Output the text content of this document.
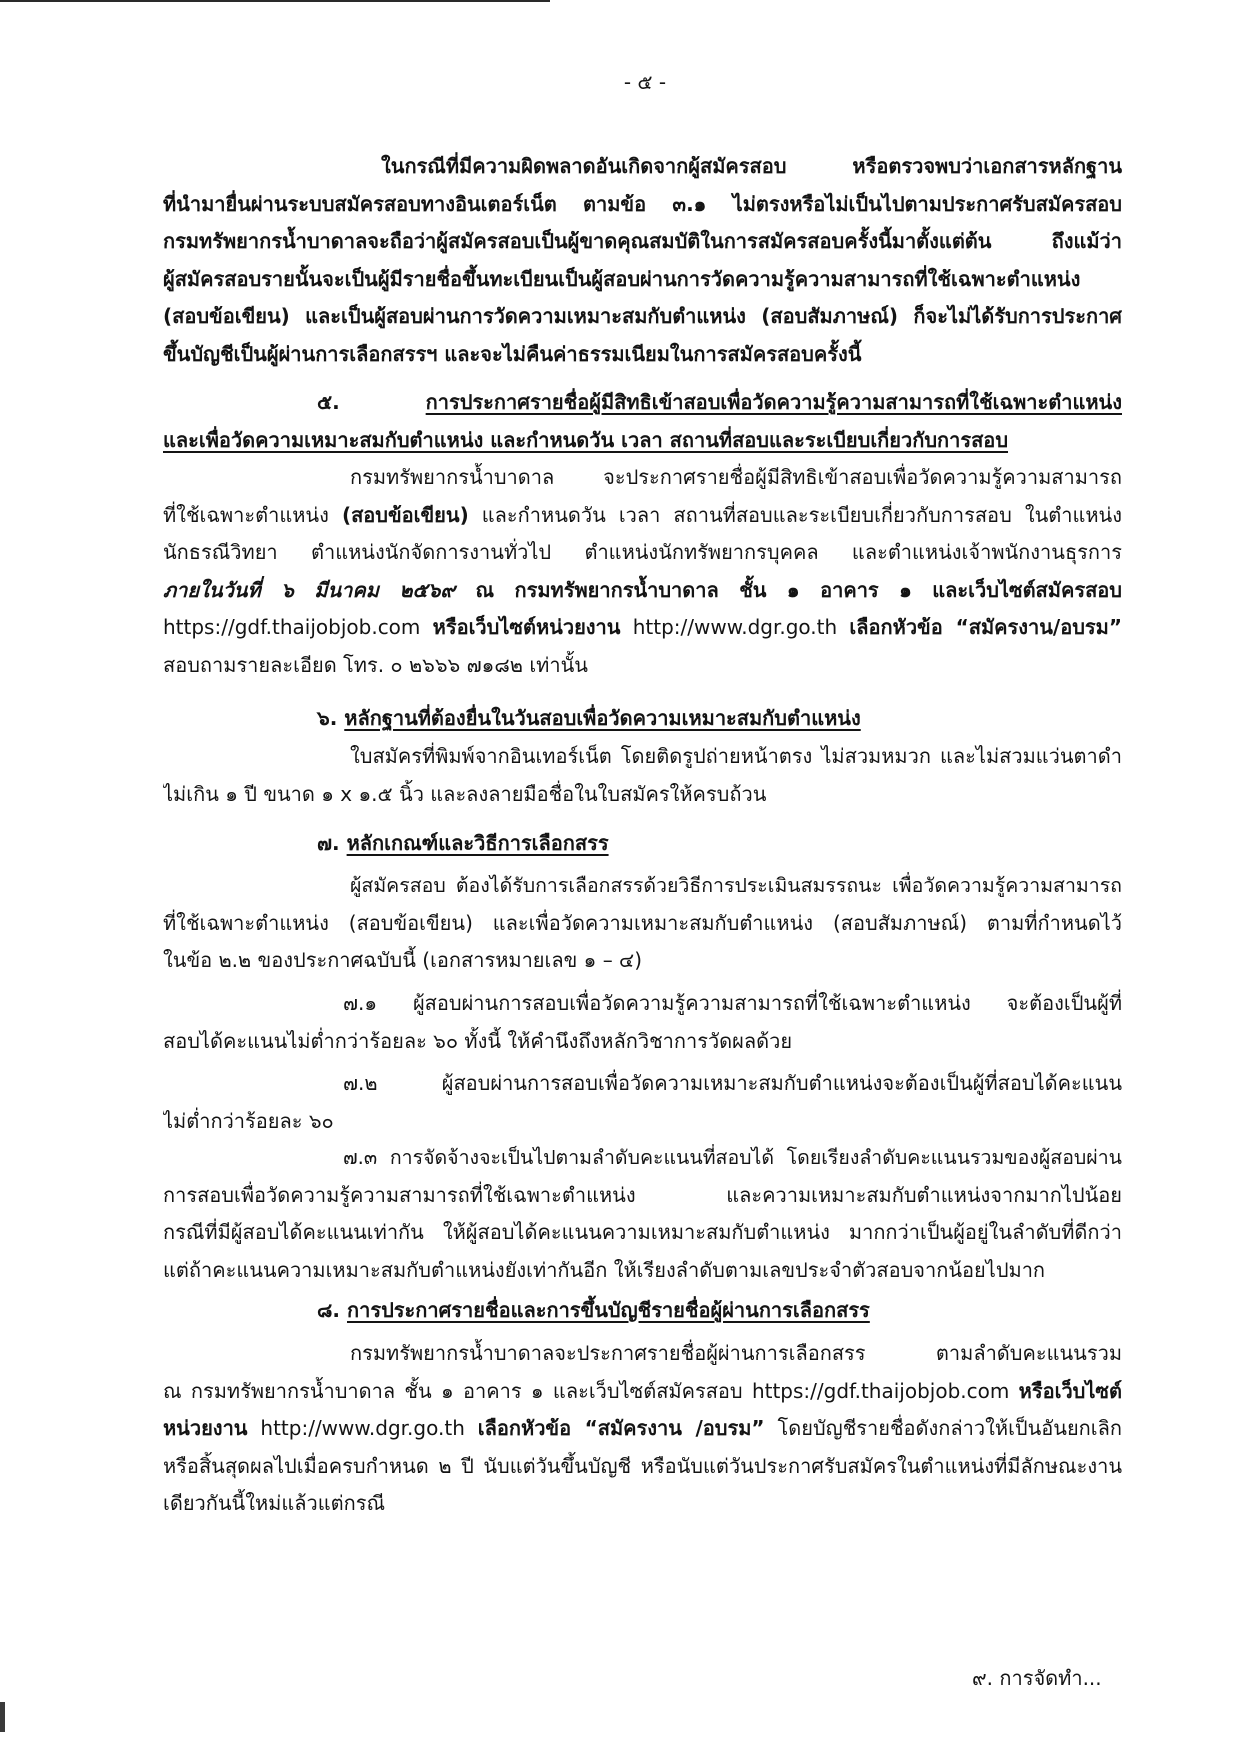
- ๕ -
ในกรณีที่มีความผิดพลาดอันเกิดจากผู้สมัครสอบ หรือตรวจพบว่าเอกสารหลักฐาน
ที่นำมายื่นผ่านระบบสมัครสอบทางอินเตอร์เน็ต ตามข้อ ๓.๑ ไม่ตรงหรือไม่เป็นไปตามประกาศรับสมัครสอบ
กรมทรัพยากรน้ำบาดาลจะถือว่าผู้สมัครสอบเป็นผู้ขาดคุณสมบัติในการสมัครสอบครั้งนี้มาตั้งแต่ต้น ถึงแม้ว่า
ผู้สมัครสอบรายนั้นจะเป็นผู้มีรายชื่อขึ้นทะเบียนเป็นผู้สอบผ่านการวัดความรู้ความสามารถที่ใช้เฉพาะตำแหน่ง
(สอบข้อเขียน) และเป็นผู้สอบผ่านการวัดความเหมาะสมกับตำแหน่ง (สอบสัมภาษณ์) ก็จะไม่ได้รับการประกาศ
ขึ้นบัญชีเป็นผู้ผ่านการเลือกสรรฯ และจะไม่คืนค่าธรรมเนียมในการสมัครสอบครั้งนี้
๕.	การประกาศรายชื่อผู้มีสิทธิเข้าสอบเพื่อวัดความรู้ความสามารถที่ใช้เฉพาะตำแหน่ง
และเพื่อวัดความเหมาะสมกับตำแหน่ง และกำหนดวัน เวลา สถานที่สอบและระเบียบเกี่ยวกับการสอบ
กรมทรัพยากรน้ำบาดาล จะประกาศรายชื่อผู้มีสิทธิเข้าสอบเพื่อวัดความรู้ความสามารถ
ที่ใช้เฉพาะตำแหน่ง (สอบข้อเขียน) และกำหนดวัน เวลา สถานที่สอบและระเบียบเกี่ยวกับการสอบ ในตำแหน่ง
นักธรณีวิทยา ตำแหน่งนักจัดการงานทั่วไป ตำแหน่งนักทรัพยากรบุคคล และตำแหน่งเจ้าพนักงานธุรการ
ภายในวันที่ ๖ มีนาคม ๒๕๖๙ ณ กรมทรัพยากรน้ำบาดาล ชั้น ๑ อาคาร ๑ และเว็บไซต์สมัครสอบ
https://gdf.thaijobjob.com หรือเว็บไซต์หน่วยงาน http://www.dgr.go.th เลือกหัวข้อ “สมัครงาน/อบรม”
สอบถามรายละเอียด โทร. ๐ ๒๖๖๖ ๗๑๘๒ เท่านั้น
๖. หลักฐานที่ต้องยื่นในวันสอบเพื่อวัดความเหมาะสมกับตำแหน่ง
ใบสมัครที่พิมพ์จากอินเทอร์เน็ต โดยติดรูปถ่ายหน้าตรง ไม่สวมหมวก และไม่สวมแว่นตาดำ
ไม่เกิน ๑ ปี ขนาด ๑ x ๑.๕ นิ้ว และลงลายมือชื่อในใบสมัครให้ครบถ้วน
๗. หลักเกณฑ์และวิธีการเลือกสรร
ผู้สมัครสอบ ต้องได้รับการเลือกสรรด้วยวิธีการประเมินสมรรถนะ เพื่อวัดความรู้ความสามารถ
ที่ใช้เฉพาะตำแหน่ง (สอบข้อเขียน) และเพื่อวัดความเหมาะสมกับตำแหน่ง (สอบสัมภาษณ์) ตามที่กำหนดไว้
ในข้อ ๒.๒ ของประกาศฉบับนี้ (เอกสารหมายเลข ๑ – ๔)
๗.๑ ผู้สอบผ่านการสอบเพื่อวัดความรู้ความสามารถที่ใช้เฉพาะตำแหน่ง จะต้องเป็นผู้ที่
สอบได้คะแนนไม่ต่ำกว่าร้อยละ ๖๐ ทั้งนี้ ให้คำนึงถึงหลักวิชาการวัดผลด้วย
๗.๒ ผู้สอบผ่านการสอบเพื่อวัดความเหมาะสมกับตำแหน่งจะต้องเป็นผู้ที่สอบได้คะแนน
ไม่ต่ำกว่าร้อยละ ๖๐
๗.๓ การจัดจ้างจะเป็นไปตามลำดับคะแนนที่สอบได้ โดยเรียงลำดับคะแนนรวมของผู้สอบผ่าน
การสอบเพื่อวัดความรู้ความสามารถที่ใช้เฉพาะตำแหน่ง และความเหมาะสมกับตำแหน่งจากมากไปน้อย
กรณีที่มีผู้สอบได้คะแนนเท่ากัน ให้ผู้สอบได้คะแนนความเหมาะสมกับตำแหน่ง มากกว่าเป็นผู้อยู่ในลำดับที่ดีกว่า
แต่ถ้าคะแนนความเหมาะสมกับตำแหน่งยังเท่ากันอีก ให้เรียงลำดับตามเลขประจำตัวสอบจากน้อยไปมาก
๘. การประกาศรายชื่อและการขึ้นบัญชีรายชื่อผู้ผ่านการเลือกสรร
กรมทรัพยากรน้ำบาดาลจะประกาศรายชื่อผู้ผ่านการเลือกสรร ตามลำดับคะแนนรวม
ณ กรมทรัพยากรน้ำบาดาล ชั้น ๑ อาคาร ๑ และเว็บไซต์สมัครสอบ https://gdf.thaijobjob.com หรือเว็บไซต์
หน่วยงาน http://www.dgr.go.th เลือกหัวข้อ “สมัครงาน /อบรม” โดยบัญชีรายชื่อดังกล่าวให้เป็นอันยกเลิก
หรือสิ้นสุดผลไปเมื่อครบกำหนด ๒ ปี นับแต่วันขึ้นบัญชี หรือนับแต่วันประกาศรับสมัครในตำแหน่งที่มีลักษณะงาน
เดียวกันนี้ใหม่แล้วแต่กรณี
๙. การจัดทำ...
